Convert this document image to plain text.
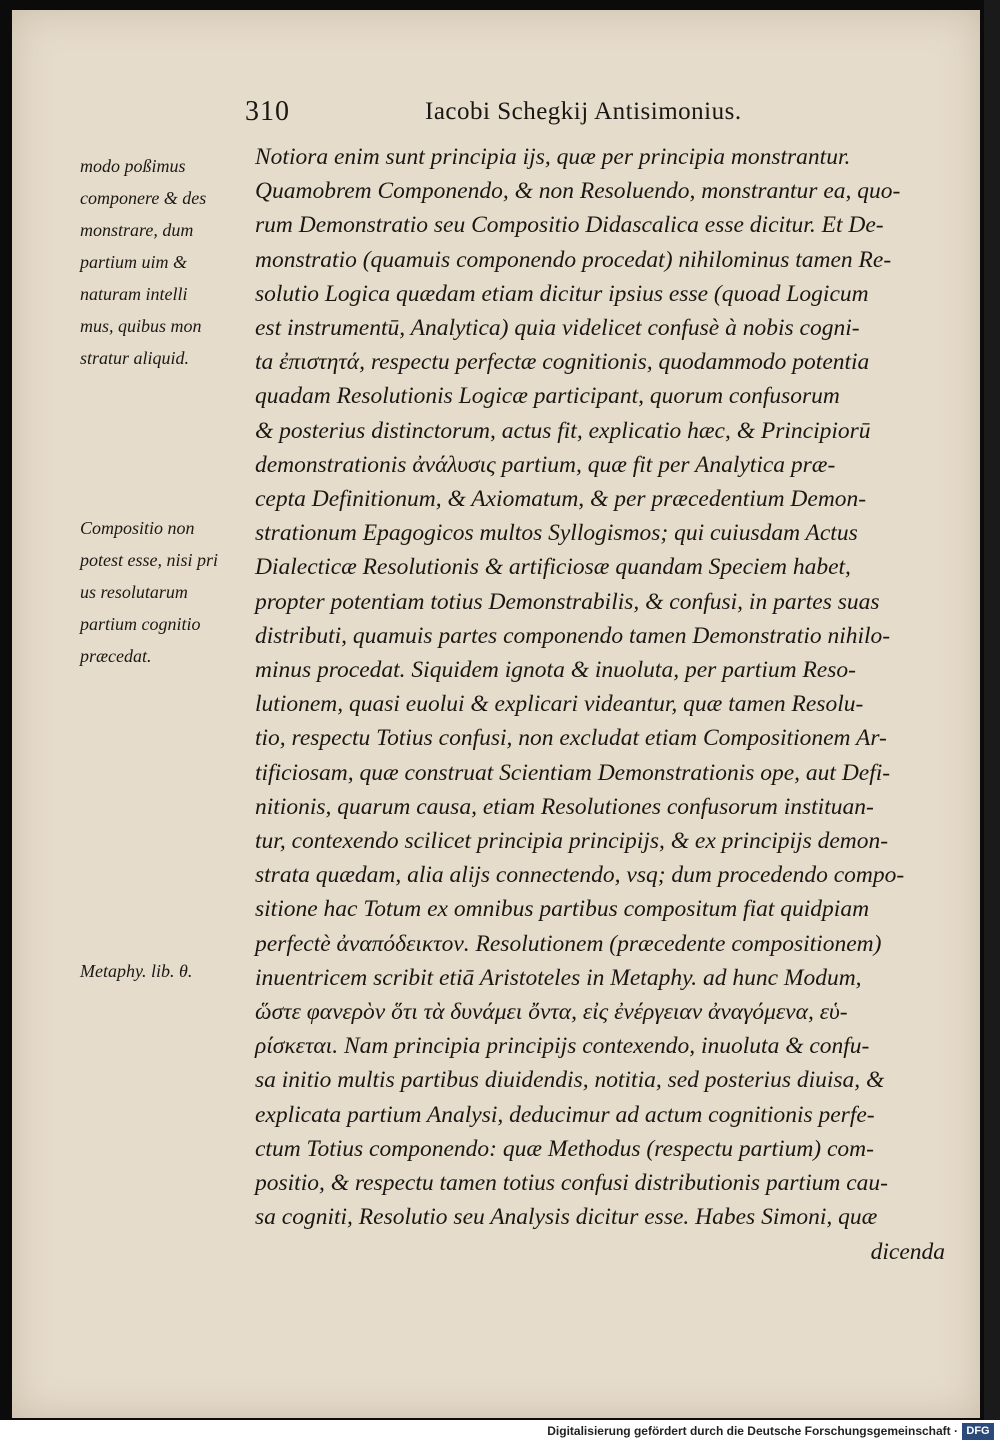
310	Iacobi Schegkij Antisimonius.
modo poßimus
componere & des
monstrare, dum
partium uim &
naturam intelli
mus, quibus mon
stratur aliquid.
Compositio non
potest esse, nisi pri
us resolutarum
partium cognitio
præcedat.
Metaphy. lib. θ.
Notiora enim sunt principia ijs, quæ per principia monstrantur.
Quamobrem Componendo, & non Resoluendo, monstrantur ea, quo-
rum Demonstratio seu Compositio Didascalica esse dicitur. Et De-
monstratio (quamuis componendo procedat) nihilominus tamen Re-
solutio Logica quædam etiam dicitur ipsius esse (quoad Logicum
est instrumentū, Analytica) quia videlicet confusè à nobis cogni-
ta ἐπιστητά, respectu perfectæ cognitionis, quodammodo potentia
quadam Resolutionis Logicæ participant, quorum confusorum
& posterius distinctorum, actus fit, explicatio hæc, & Principiorū
demonstrationis ἀνάλυσις partium, quæ fit per Analytica præ-
cepta Definitionum, & Axiomatum, & per præcedentium Demon-
strationum Epagogicos multos Syllogismos; qui cuiusdam Actus
Dialecticæ Resolutionis & artificiosæ quandam Speciem habet,
propter potentiam totius Demonstrabilis, & confusi, in partes suas
distributi, quamuis partes componendo tamen Demonstratio nihilo-
minus procedat. Siquidem ignota & inuoluta, per partium Reso-
lutionem, quasi euolui & explicari videantur, quæ tamen Resolu-
tio, respectu Totius confusi, non excludat etiam Compositionem Ar-
tificiosam, quæ construat Scientiam Demonstrationis ope, aut Defi-
nitionis, quarum causa, etiam Resolutiones confusorum instituan-
tur, contexendo scilicet principia principijs, & ex principijs demon-
strata quædam, alia alijs connectendo, vsq; dum procedendo compo-
sitione hac Totum ex omnibus partibus compositum fiat quidpiam
perfectè ἀναπόδεικτον. Resolutionem (præcedente compositionem)
inuentricem scribit etiā Aristoteles in Metaphy. ad hunc Modum,
ὥστε φανερὸν ὅτι τὰ δυνάμει ὄντα, εἰς ἐνέργειαν ἀναγόμενα, εὑ-
ρίσκεται. Nam principia principijs contexendo, inuoluta & confu-
sa initio multis partibus diuidendis, notitia, sed posterius diuisa, &
explicata partium Analysi, deducimur ad actum cognitionis perfe-
ctum Totius componendo: quæ Methodus (respectu partium) com-
positio, & respectu tamen totius confusi distributionis partium cau-
sa cogniti, Resolutio seu Analysis dicitur esse. Habes Simoni, quæ
dicenda
Digitalisierung gefördert durch die Deutsche Forschungsgemeinschaft · DFG
